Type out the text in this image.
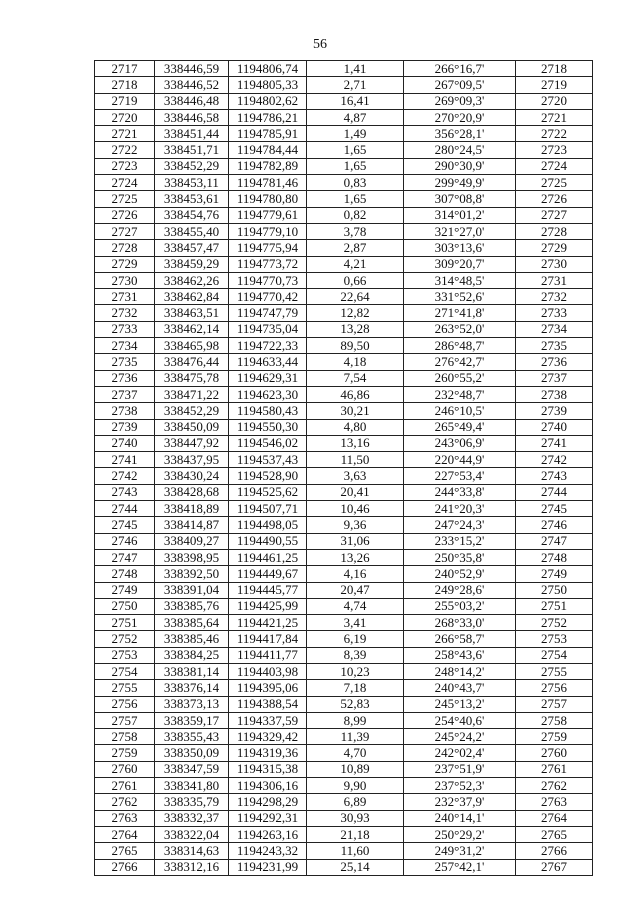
56
2717	338446,59	1194806,74	1,41	266°16,7'	2718
2718	338446,52	1194805,33	2,71	267°09,5'	2719
2719	338446,48	1194802,62	16,41	269°09,3'	2720
2720	338446,58	1194786,21	4,87	270°20,9'	2721
2721	338451,44	1194785,91	1,49	356°28,1'	2722
2722	338451,71	1194784,44	1,65	280°24,5'	2723
2723	338452,29	1194782,89	1,65	290°30,9'	2724
2724	338453,11	1194781,46	0,83	299°49,9'	2725
2725	338453,61	1194780,80	1,65	307°08,8'	2726
2726	338454,76	1194779,61	0,82	314°01,2'	2727
2727	338455,40	1194779,10	3,78	321°27,0'	2728
2728	338457,47	1194775,94	2,87	303°13,6'	2729
2729	338459,29	1194773,72	4,21	309°20,7'	2730
2730	338462,26	1194770,73	0,66	314°48,5'	2731
2731	338462,84	1194770,42	22,64	331°52,6'	2732
2732	338463,51	1194747,79	12,82	271°41,8'	2733
2733	338462,14	1194735,04	13,28	263°52,0'	2734
2734	338465,98	1194722,33	89,50	286°48,7'	2735
2735	338476,44	1194633,44	4,18	276°42,7'	2736
2736	338475,78	1194629,31	7,54	260°55,2'	2737
2737	338471,22	1194623,30	46,86	232°48,7'	2738
2738	338452,29	1194580,43	30,21	246°10,5'	2739
2739	338450,09	1194550,30	4,80	265°49,4'	2740
2740	338447,92	1194546,02	13,16	243°06,9'	2741
2741	338437,95	1194537,43	11,50	220°44,9'	2742
2742	338430,24	1194528,90	3,63	227°53,4'	2743
2743	338428,68	1194525,62	20,41	244°33,8'	2744
2744	338418,89	1194507,71	10,46	241°20,3'	2745
2745	338414,87	1194498,05	9,36	247°24,3'	2746
2746	338409,27	1194490,55	31,06	233°15,2'	2747
2747	338398,95	1194461,25	13,26	250°35,8'	2748
2748	338392,50	1194449,67	4,16	240°52,9'	2749
2749	338391,04	1194445,77	20,47	249°28,6'	2750
2750	338385,76	1194425,99	4,74	255°03,2'	2751
2751	338385,64	1194421,25	3,41	268°33,0'	2752
2752	338385,46	1194417,84	6,19	266°58,7'	2753
2753	338384,25	1194411,77	8,39	258°43,6'	2754
2754	338381,14	1194403,98	10,23	248°14,2'	2755
2755	338376,14	1194395,06	7,18	240°43,7'	2756
2756	338373,13	1194388,54	52,83	245°13,2'	2757
2757	338359,17	1194337,59	8,99	254°40,6'	2758
2758	338355,43	1194329,42	11,39	245°24,2'	2759
2759	338350,09	1194319,36	4,70	242°02,4'	2760
2760	338347,59	1194315,38	10,89	237°51,9'	2761
2761	338341,80	1194306,16	9,90	237°52,3'	2762
2762	338335,79	1194298,29	6,89	232°37,9'	2763
2763	338332,37	1194292,31	30,93	240°14,1'	2764
2764	338322,04	1194263,16	21,18	250°29,2'	2765
2765	338314,63	1194243,32	11,60	249°31,2'	2766
2766	338312,16	1194231,99	25,14	257°42,1'	2767
